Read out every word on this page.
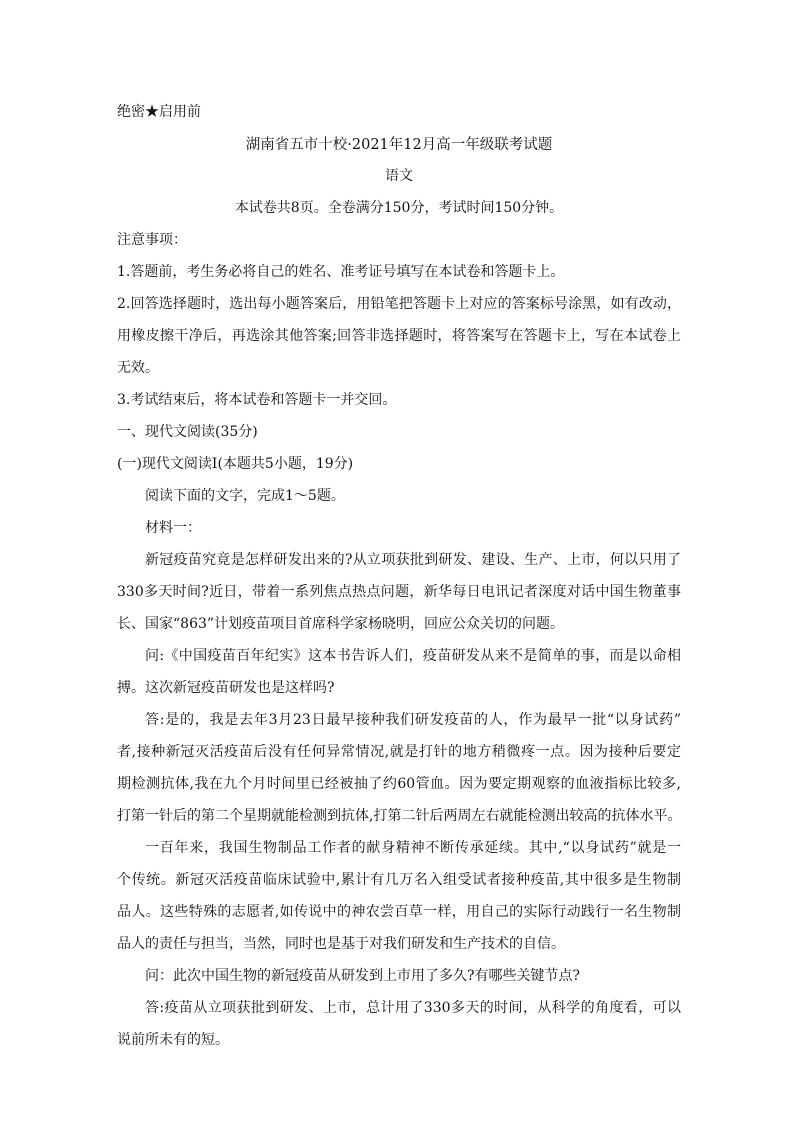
绝密★启用前
湖南省五市十校·2021年12月高一年级联考试题
语文
本试卷共8页。全卷满分150分，考试时间150分钟。
注意事项：
1.答题前，考生务必将自己的姓名、准考证号填写在本试卷和答题卡上。
2.回答选择题时，选出每小题答案后，用铅笔把答题卡上对应的答案标号涂黑，如有改动，
用橡皮擦干净后，再选涂其他答案;回答非选择题时，将答案写在答题卡上，写在本试卷上
无效。
3.考试结束后，将本试卷和答题卡一并交回。
一、现代文阅读(35分)
(一)现代文阅读I(本题共5小题，19分)
阅读下面的文字，完成1～5题。
材料一：
新冠疫苗究竟是怎样研发出来的?从立项获批到研发、建设、生产、上市，何以只用了
330多天时间?近日，带着一系列焦点热点问题，新华每日电讯记者深度对话中国生物董事
长、国家“863”计划疫苗项目首席科学家杨晓明，回应公众关切的问题。
问:《中国疫苗百年纪实》这本书告诉人们，疫苗研发从来不是简单的事，而是以命相
搏。这次新冠疫苗研发也是这样吗?
答:是的，我是去年3月23日最早接种我们研发疫苗的人，作为最早一批“以身试药”
者,接种新冠灭活疫苗后没有任何异常情况,就是打针的地方稍微疼一点。因为接种后要定
期检测抗体,我在九个月时间里已经被抽了约60管血。因为要定期观察的血液指标比较多,
打第一针后的第二个星期就能检测到抗体,打第二针后两周左右就能检测出较高的抗体水平。
一百年来，我国生物制品工作者的献身精神不断传承延续。其中,“以身试药”就是一
个传统。新冠灭活疫苗临床试验中,累计有几万名入组受试者接种疫苗,其中很多是生物制
品人。这些特殊的志愿者,如传说中的神农尝百草一样，用自己的实际行动践行一名生物制
品人的责任与担当，当然，同时也是基于对我们研发和生产技术的自信。
问：此次中国生物的新冠疫苗从研发到上市用了多久?有哪些关键节点?
答:疫苗从立项获批到研发、上市，总计用了330多天的时间，从科学的角度看，可以
说前所未有的短。
